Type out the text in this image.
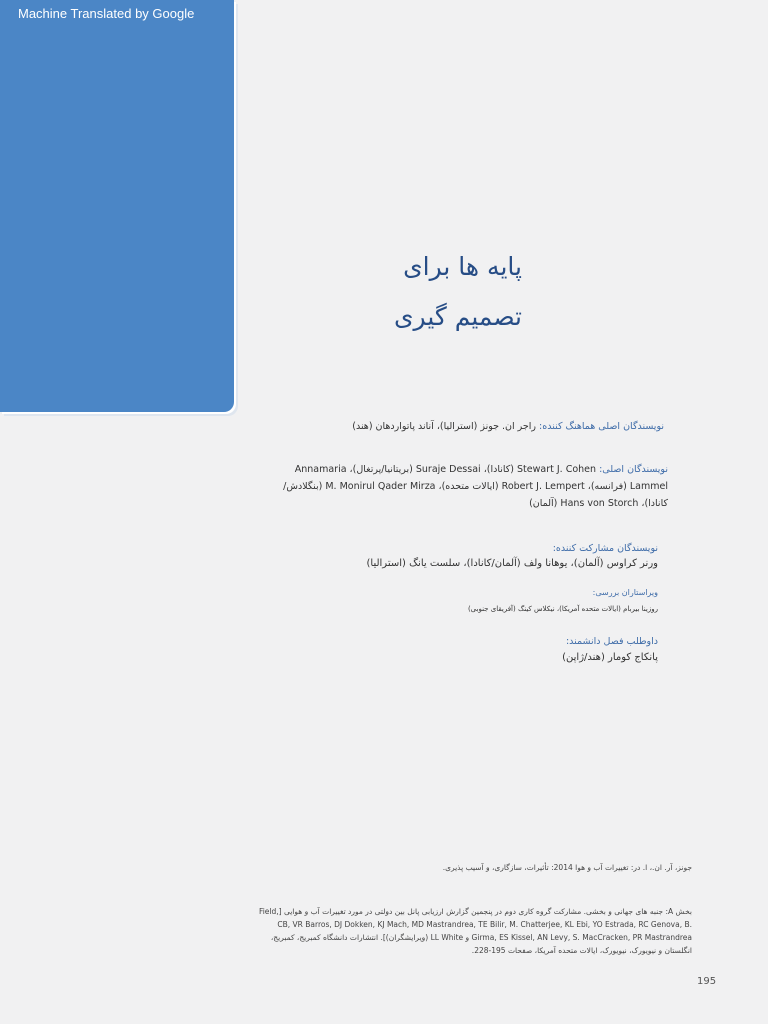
Machine Translated by Google
پایه ها برای
تصمیم گیری
نویسندگان اصلی هماهنگ کننده: راجر ان. جونز (استرالیا)، آناند پاتواردهان (هند)
نویسندگان اصلی: Stewart J. Cohen (کانادا)، Suraje Dessai (بریتانیا/پرتغال)، Annamaria Lammel (فرانسه)، Robert J. Lempert (ایالات متحده)، M. Monirul Qader Mirza (بنگلادش/کانادا)، Hans von Storch (آلمان)
نویسندگان مشارکت کننده:
ورنر کراوس (آلمان)، یوهانا ولف (آلمان/کانادا)، سلست یانگ (استرالیا)
ویراستاران بررسی:
روزینا بیربام (ایالات متحده آمریکا)، نیکلاس کینگ (آفریقای جنوبی)
داوطلب فصل دانشمند:
پانکاج کومار (هند/ژاپن)
جونز، آر. ان.، ا. در: تغییرات آب و هوا 2014: تأثیرات، سازگاری، و آسیب پذیری.
بخش A: جنبه های جهانی و بخشی. مشارکت گروه کاری دوم در پنجمین گزارش ارزیابی پانل بین دولتی در مورد تغییرات آب و هوایی [Field, CB, VR Barros, DJ Dokken, KJ Mach, MD Mastrandrea, TE Bilir, M. Chatterjee, KL Ebi, YO Estrada, RC Genova, B. Girma, ES Kissel, AN Levy, S. MacCracken, PR Mastrandrea و LL White (ویرایشگران)]. انتشارات دانشگاه کمبریج، کمبریج، انگلستان و نیویورک، نیویورک، ایالات متحده آمریکا، صفحات 195-228.
195
